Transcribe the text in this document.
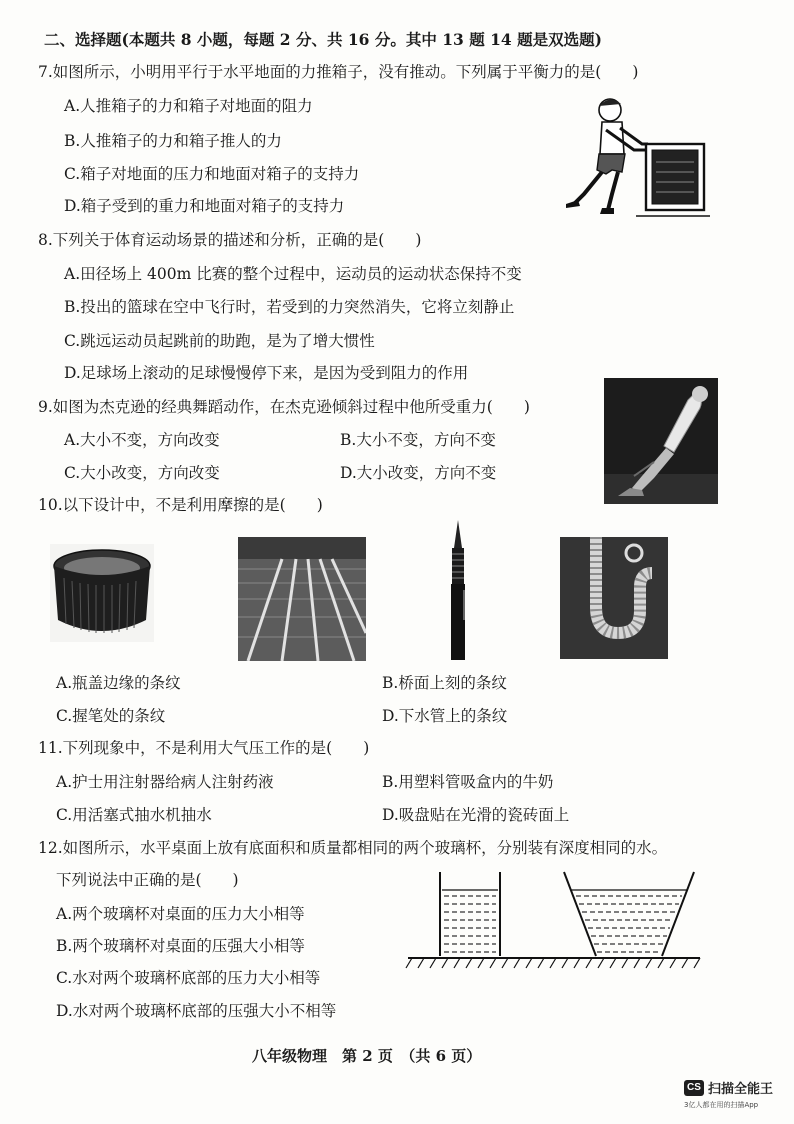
二、选择题(本题共 8 小题，每题 2 分、共 16 分。其中 13 题 14 题是双选题)
7.如图所示，小明用平行于水平地面的力推箱子，没有推动。下列属于平衡力的是(　　)
A.人推箱子的力和箱子对地面的阻力
B.人推箱子的力和箱子推人的力
C.箱子对地面的压力和地面对箱子的支持力
D.箱子受到的重力和地面对箱子的支持力
8.下列关于体育运动场景的描述和分析，正确的是(　　)
A.田径场上 400m 比赛的整个过程中，运动员的运动状态保持不变
B.投出的篮球在空中飞行时，若受到的力突然消失，它将立刻静止
C.跳远运动员起跳前的助跑，是为了增大惯性
D.足球场上滚动的足球慢慢停下来，是因为受到阻力的作用
9.如图为杰克逊的经典舞蹈动作，在杰克逊倾斜过程中他所受重力(　　)
A.大小不变，方向改变	B.大小不变，方向不变
C.大小改变，方向改变	D.大小改变，方向不变
10.以下设计中，不是利用摩擦的是(　　)
A.瓶盖边缘的条纹	B.桥面上刻的条纹
C.握笔处的条纹	D.下水管上的条纹
11.下列现象中，不是利用大气压工作的是(　　)
A.护士用注射器给病人注射药液	B.用塑料管吸盒内的牛奶
C.用活塞式抽水机抽水	D.吸盘贴在光滑的瓷砖面上
12.如图所示，水平桌面上放有底面积和质量都相同的两个玻璃杯，分别装有深度相同的水。
下列说法中正确的是(　　)
A.两个玻璃杯对桌面的压力大小相等
B.两个玻璃杯对桌面的压强大小相等
C.水对两个玻璃杯底部的压力大小相等
D.水对两个玻璃杯底部的压强大小不相等
八年级物理　第 2 页　（共 6 页）
CS 扫描全能王
3亿人都在用的扫描App
